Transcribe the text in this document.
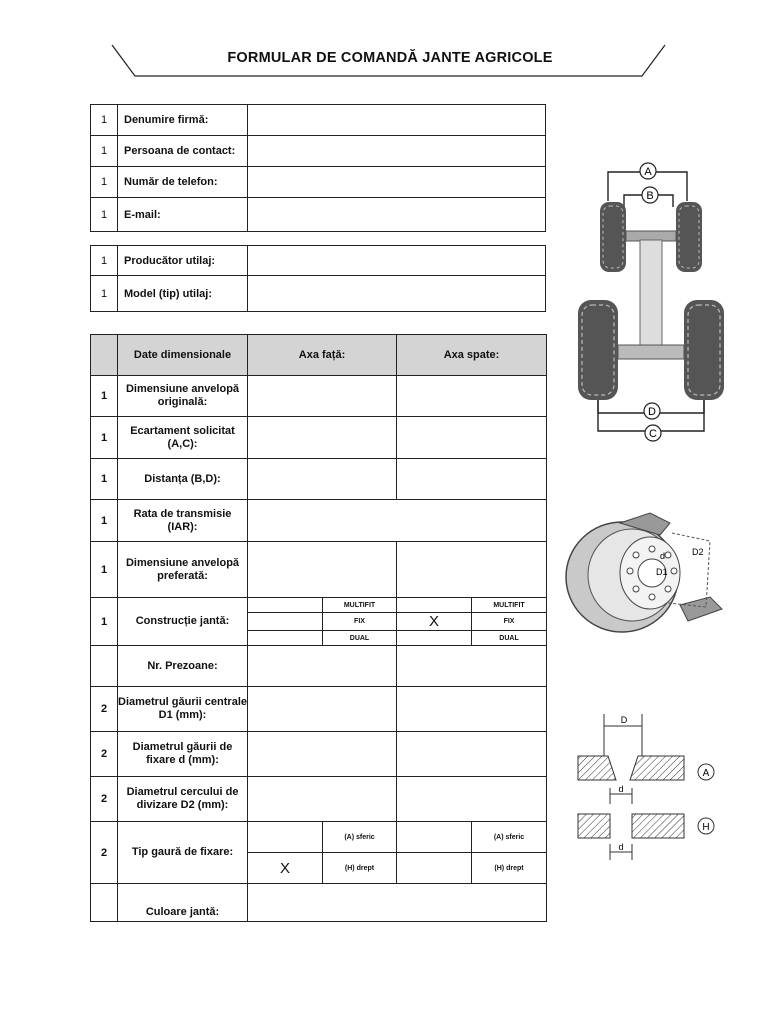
FORMULAR DE COMANDĂ JANTE AGRICOLE
1	Denumire firmă:	
1	Persoana de contact:	
1	Număr de telefon:	
1	E-mail:	
1	Producător utilaj:	
1	Model (tip) utilaj:	
	Date dimensionale	Axa față:		Axa spate:	
1	Dimensiune anvelopă originală:				
1	Ecartament solicitat (A,C):				
1	Distanța (B,D):				
1	Rata de transmisie (IAR):				
1	Dimensiune anvelopă preferată:				
1	Construcție jantă:		MULTIFIT		MULTIFIT
			FIX	X	FIX
			DUAL		DUAL
	Nr. Prezoane:				
2	Diametrul găurii centrale D1 (mm):				
2	Diametrul găurii de fixare d (mm):				
2	Diametrul cercului de divizare D2 (mm):				
2	Tip gaură de fixare:		(A) sferic		(A) sferic
		X	(H) drept		(H) drept
	Culoare jantă:				
A
B
D
C
D2
d
D1
D
d
A
d
H
